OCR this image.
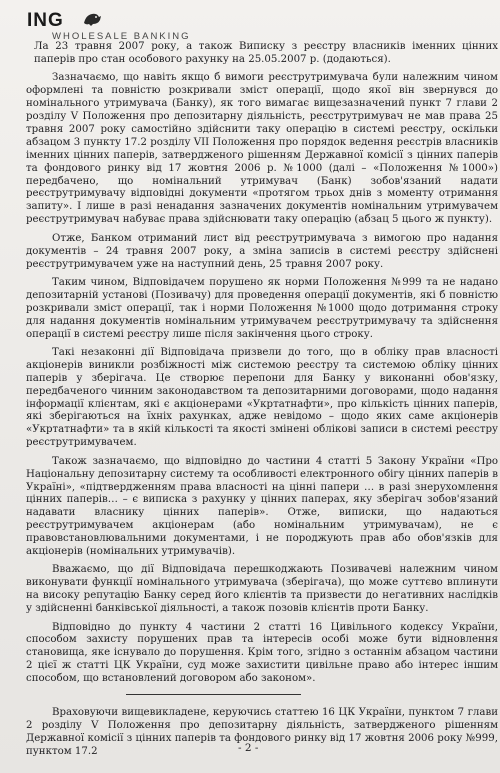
ING
WHOLESALE BANKING

Ла 23 травня 2007 року, а також Виписку з реєстру власників іменних цінних паперів про стан особового рахунку на 25.05.2007 р. (додаються).

Зазначаємо, що навіть якщо б вимоги реєструтримувача були належним чином оформлені та повністю розкривали зміст операції, щодо якої він звернувся до номінального утримувача (Банку), як того вимагає вищезазначений пункт 7 глави 2 розділу V Положення про депозитарну діяльність, реєструтримувач не мав права 25 травня 2007 року самостійно здійснити таку операцію в системі реєстру, оскільки абзацом 3 пункту 17.2 розділу VII Положення про порядок ведення реєстрів власників іменних цінних паперів, затвердженого рішенням Державної комісії з цінних паперів та фондового ринку від 17 жовтня 2006 р. №1000 (далі – «Положення №1000») передбачено, що номінальний утримувач (Банк) зобов'язаний надати реєструтримувачу відповідні документи «протягом трьох днів з моменту отримання запиту». І лише в разі ненадання зазначених документів номінальним утримувачем реєструтримувач набуває права здійснювати таку операцію (абзац 5 цього ж пункту).

Отже, Банком отриманий лист від реєструтримувача з вимогою про надання документів – 24 травня 2007 року, а зміна записів в системі реєстру здійснені реєструтримувачем уже на наступний день, 25 травня 2007 року.

Таким чином, Відповідачем порушено як норми Положення №999 та не надано депозитарній установі (Позивачу) для проведення операції документів, які б повністю розкривали зміст операції, так і норми Положення №1000 щодо дотримання строку для надання документів номінальним утримувачем реєструтримувачу та здійснення операції в системі реєстру лише після закінчення цього строку.

Такі незаконні дії Відповідача призвели до того, що в обліку прав власності акціонерів виникли розбіжності між системою реєстру та системою обліку цінних паперів у зберігача. Це створює перепони для Банку у виконанні обов'язку, передбаченого чинним законодавством та депозитарними договорами, щодо надання інформації клієнтам, які є акціонерами «Укртатнафти», про кількість цінних паперів, які зберігаються на їхніх рахунках, адже невідомо – щодо яких саме акціонерів «Укртатнафти» та в якій кількості та якості змінені облікові записи в системі реєстру реєструтримувачем.

Також зазначаємо, що відповідно до частини 4 статті 5 Закону України «Про Національну депозитарну систему та особливості електронного обігу цінних паперів в Україні», «підтвердженням права власності на цінні папери … в разі знерухомлення цінних паперів… – є виписка з рахунку у цінних паперах, яку зберігач зобов'язаний надавати власнику цінних паперів». Отже, виписки, що надаються реєструтримувачем акціонерам (або номінальним утримувачам), не є правовстановлювальними документами, і не породжують прав або обов'язків для акціонерів (номінальних утримувачів).

Вважаємо, що дії Відповідача перешкоджають Позивачеві належним чином виконувати функції номінального утримувача (зберігача), що може суттєво вплинути на високу репутацію Банку серед його клієнтів та призвести до негативних наслідків у здійсненні банківської діяльності, а також позовів клієнтів проти Банку.

Відповідно до пункту 4 частини 2 статті 16 Цивільного кодексу України, способом захисту порушених прав та інтересів особі може бути відновлення становища, яке існувало до порушення. Крім того, згідно з останнім абзацом частини 2 цієї ж статті ЦК України, суд може захистити цивільне право або інтерес іншим способом, що встановлений договором або законом».

Враховуючи вищевикладене, керуючись статтею 16 ЦК України, пунктом 7 глави 2 розділу V Положення про депозитарну діяльність, затвердженого рішенням Державної комісії з цінних паперів та фондового ринку від 17 жовтня 2006 року №999, пунктом 17.2	- 2 -
